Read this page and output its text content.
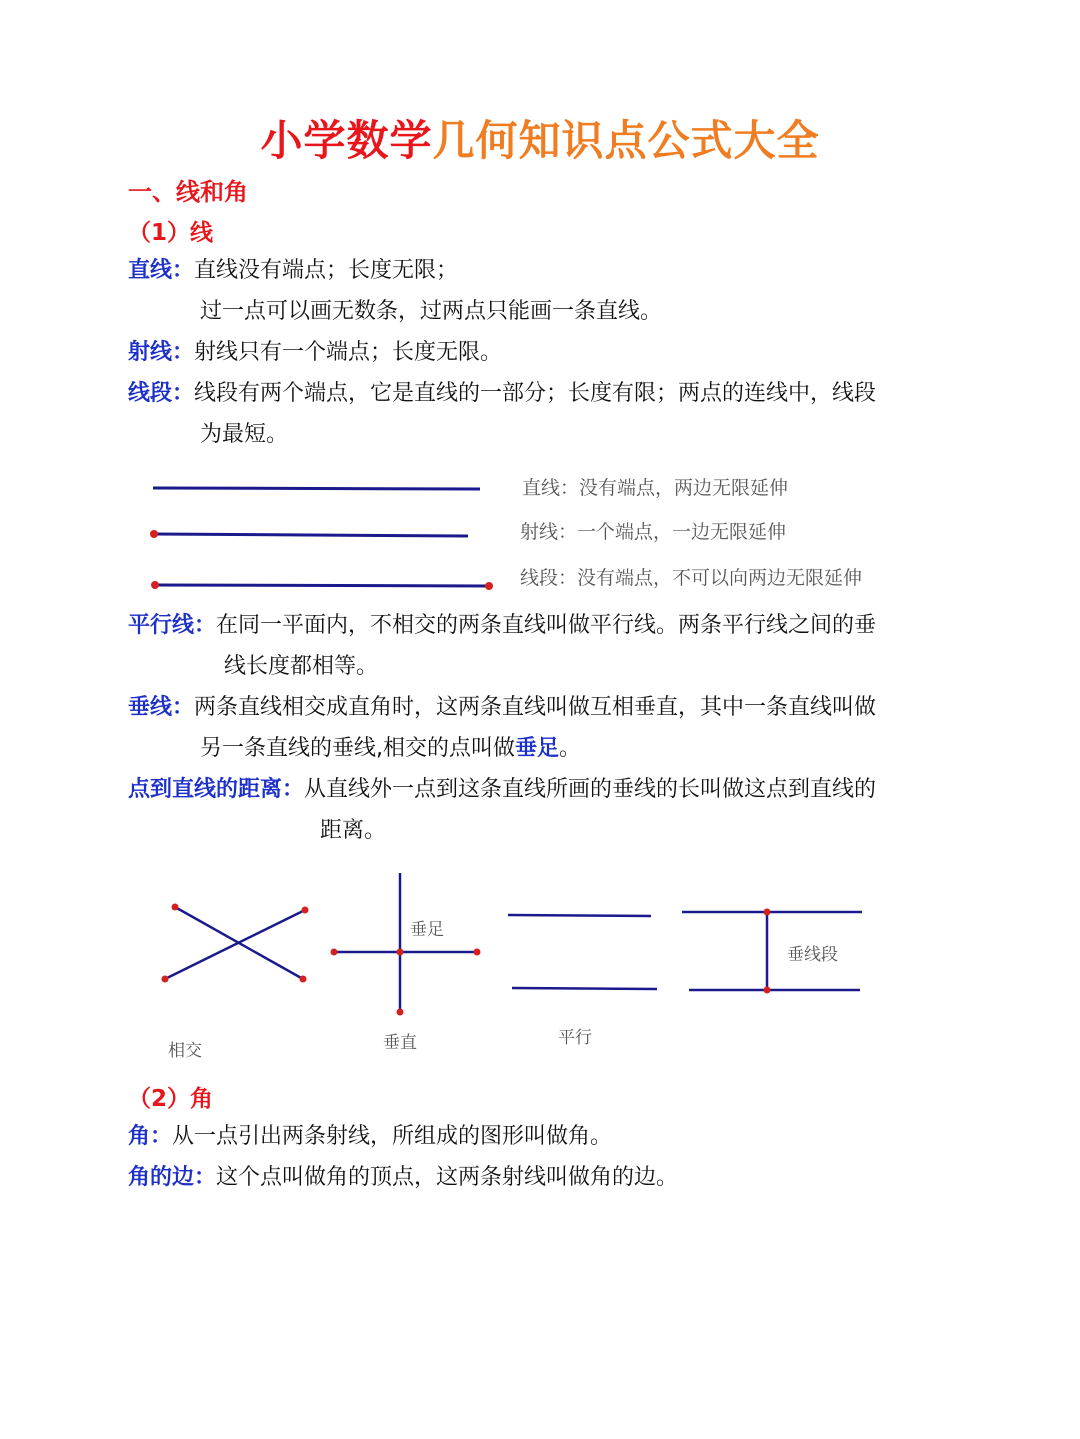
小学数学几何知识点公式大全
一、线和角
（1）线
直线：直线没有端点；长度无限；
过一点可以画无数条，过两点只能画一条直线。
射线：射线只有一个端点；长度无限。
线段：线段有两个端点，它是直线的一部分；长度有限；两点的连线中，线段
为最短。
直线：没有端点，两边无限延伸
射线：一个端点，一边无限延伸
线段：没有端点，不可以向两边无限延伸
平行线：在同一平面内，不相交的两条直线叫做平行线。两条平行线之间的垂
线长度都相等。
垂线：两条直线相交成直角时，这两条直线叫做互相垂直，其中一条直线叫做
另一条直线的垂线,相交的点叫做垂足。
点到直线的距离：从直线外一点到这条直线所画的垂线的长叫做这点到直线的
距离。
相交	垂直
垂足
平行
垂线段
（2）角
角：从一点引出两条射线，所组成的图形叫做角。
角的边：这个点叫做角的顶点，这两条射线叫做角的边。
